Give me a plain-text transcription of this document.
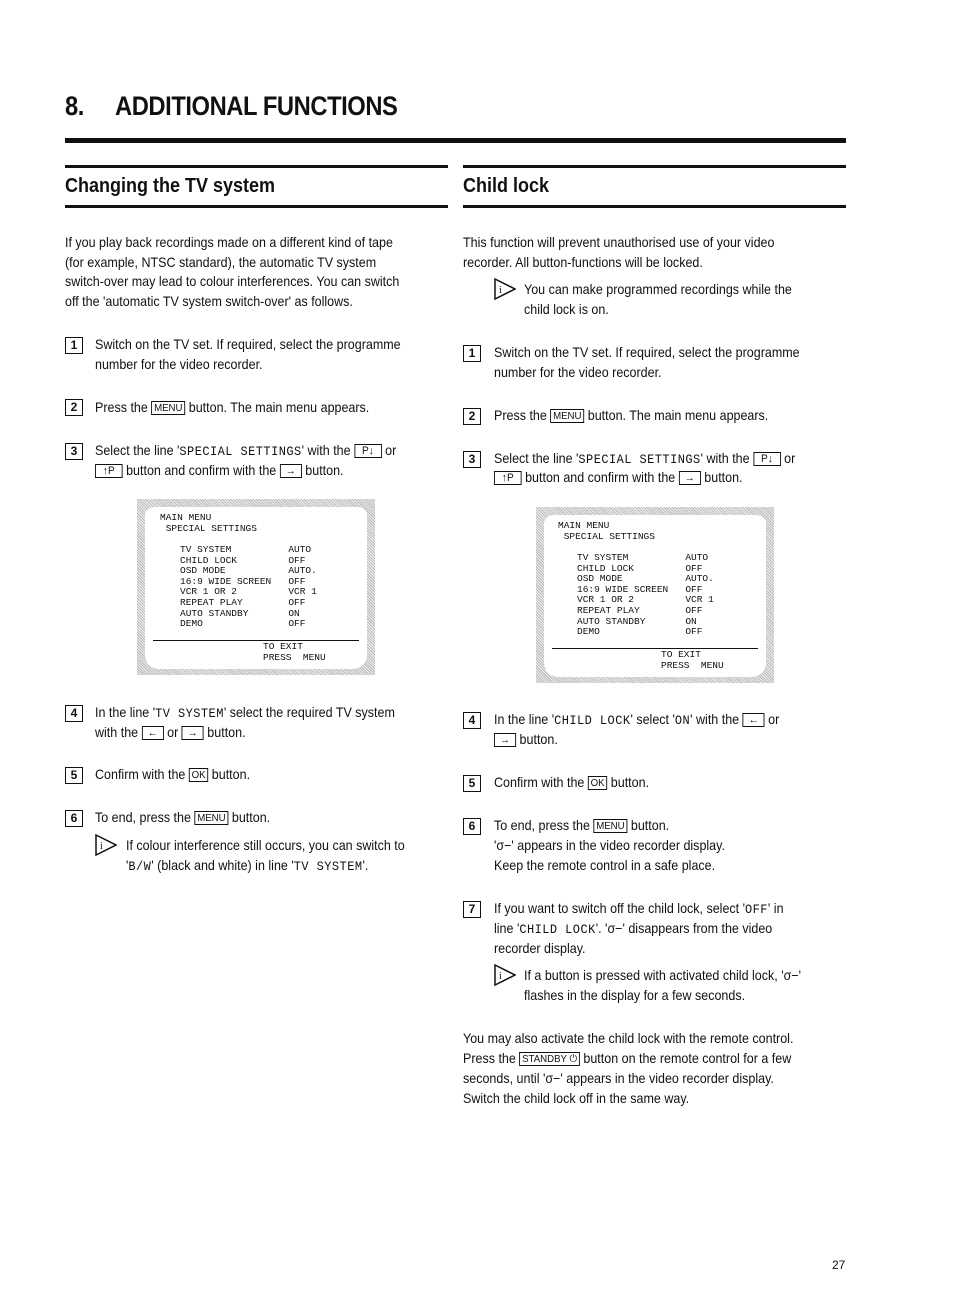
8. ADDITIONAL FUNCTIONS
Changing the TV system

If you play back recordings made on a different kind of tape

(for example, NTSC standard), the automatic TV system

switch-over may lead to colour interferences. You can switch

off the 'automatic TV system switch-over' as follows.

1	Switch on the TV set. If required, select the programme

number for the video recorder.

2	Press the MENU button. The main menu appears.

3	Select the line 'SPECIAL SETTINGS' with the P↓ or

↑P button and confirm with the → button.

MAIN MENU
SPECIAL SETTINGS
TV SYSTEM          AUTO
CHILD LOCK         OFF
OSD MODE           AUTO.
16:9 WIDE SCREEN   OFF
VCR 1 OR 2         VCR 1
REPEAT PLAY        OFF
AUTO STANDBY       ON
DEMO               OFF
TO EXIT
PRESS  MENU
4	In the line 'TV SYSTEM' select the required TV system

with the ← or → button.

5	Confirm with the OK button.

6	To end, press the MENU button.

i If colour interference still occurs, you can switch to

'B/W' (black and white) in line 'TV SYSTEM'.

Child lock

This function will prevent unauthorised use of your video

recorder. All button-functions will be locked.

i You can make programmed recordings while the

child lock is on.

1	Switch on the TV set. If required, select the programme

number for the video recorder.

2	Press the MENU button. The main menu appears.

3	Select the line 'SPECIAL SETTINGS' with the P↓ or

↑P button and confirm with the → button.

MAIN MENU
SPECIAL SETTINGS
TV SYSTEM          AUTO
CHILD LOCK         OFF
OSD MODE           AUTO.
16:9 WIDE SCREEN   OFF
VCR 1 OR 2         VCR 1
REPEAT PLAY        OFF
AUTO STANDBY       ON
DEMO               OFF
TO EXIT
PRESS  MENU
4	In the line 'CHILD LOCK' select 'ON' with the ← or

→ button.

5	Confirm with the OK button.

6	To end, press the MENU button.

'σ−' appears in the video recorder display.

Keep the remote control in a safe place.

7	If you want to switch off the child lock, select 'OFF' in

line 'CHILD LOCK'. 'σ−' disappears from the video

recorder display.

i If a button is pressed with activated child lock, 'σ−'

flashes in the display for a few seconds.

You may also activate the child lock with the remote control.

Press the STANDBY ⏻ button on the remote control for a few

seconds, until 'σ−' appears in the video recorder display.

Switch the child lock off in the same way.

27
